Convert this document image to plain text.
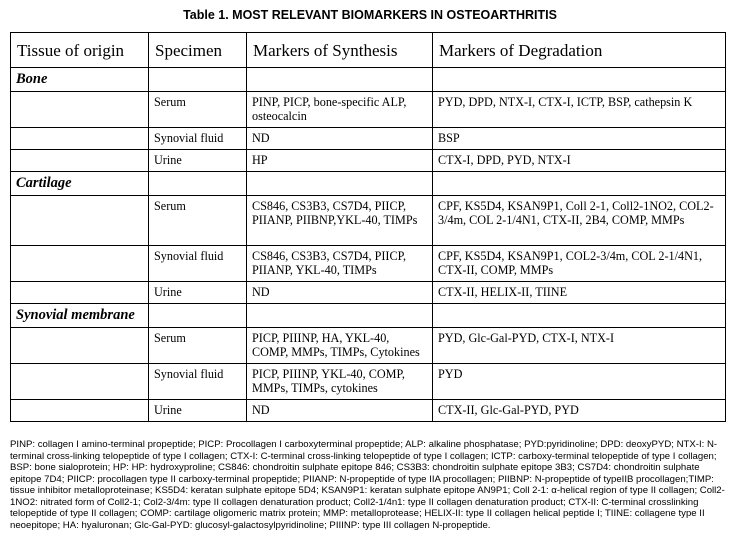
Table 1. MOST RELEVANT BIOMARKERS IN OSTEOARTHRITIS
Tissue of origin	Specimen	Markers of Synthesis	Markers of Degradation
Bone			
	Serum	PINP, PICP, bone-specific ALP, osteocalcin	PYD, DPD, NTX-I, CTX-I, ICTP, BSP, cathepsin K
	Synovial fluid	ND	BSP
	Urine	HP	CTX-I, DPD, PYD, NTX-I
Cartilage			
	Serum	CS846, CS3B3, CS7D4, PIICP, PIIANP, PIIBNP,YKL-40, TIMPs	CPF, KS5D4, KSAN9P1, Coll 2-1, Coll2-1NO2, COL2-3/4m, COL 2-1/4N1, CTX-II, 2B4, COMP, MMPs
	Synovial fluid	CS846, CS3B3, CS7D4, PIICP, PIIANP, YKL-40, TIMPs	CPF, KS5D4, KSAN9P1, COL2-3/4m, COL 2-1/4N1, CTX-II, COMP, MMPs
	Urine	ND	CTX-II, HELIX-II, TIINE
Synovial membrane			
	Serum	PICP, PIIINP, HA, YKL-40, COMP, MMPs, TIMPs, Cytokines	PYD, Glc-Gal-PYD, CTX-I, NTX-I
	Synovial fluid	PICP, PIIINP, YKL-40, COMP, MMPs, TIMPs, cytokines	PYD
	Urine	ND	CTX-II, Glc-Gal-PYD, PYD

PINP: collagen I amino-terminal propeptide; PICP: Procollagen I carboxyterminal propeptide; ALP: alkaline phosphatase; PYD:pyridinoline; DPD: deoxyPYD; NTX-I: N-terminal cross-linking telopeptide of type I collagen; CTX-I: C-terminal cross-linking telopeptide of type I collagen; ICTP: carboxy-terminal telopeptide of type I collagen; BSP: bone sialoprotein; HP: HP: hydroxyproline; CS846: chondroitin sulphate epitope 846; CS3B3: chondroitin sulphate epitope 3B3; CS7D4: chondroitin sulphate epitope 7D4; PIICP: procollagen type II carboxy-terminal propeptide; PIIANP: N-propeptide of type IIA procollagen; PIIBNP: N-propeptide of typeIIB procollagen;TIMP: tissue inhibitor metalloproteinase; KS5D4: keratan sulphate epitope 5D4; KSAN9P1: keratan sulphate epitope AN9P1; Coll 2-1: α-helical region of type II collagen; Coll2-1NO2: nitrated form of Coll2-1; Col2-3/4m: type II collagen denaturation product; Coll2-1/4n1: type II collagen denaturation product; CTX-II: C-terminal crosslinking telopeptide of type II collagen; COMP: cartilage oligomeric matrix protein; MMP: metalloprotease; HELIX-II: type II collagen helical peptide I; TIINE: collagene type II neoepitope; HA: hyaluronan; Glc-Gal-PYD: glucosyl-galactosylpyridinoline; PIIINP: type III collagen N-propeptide.
